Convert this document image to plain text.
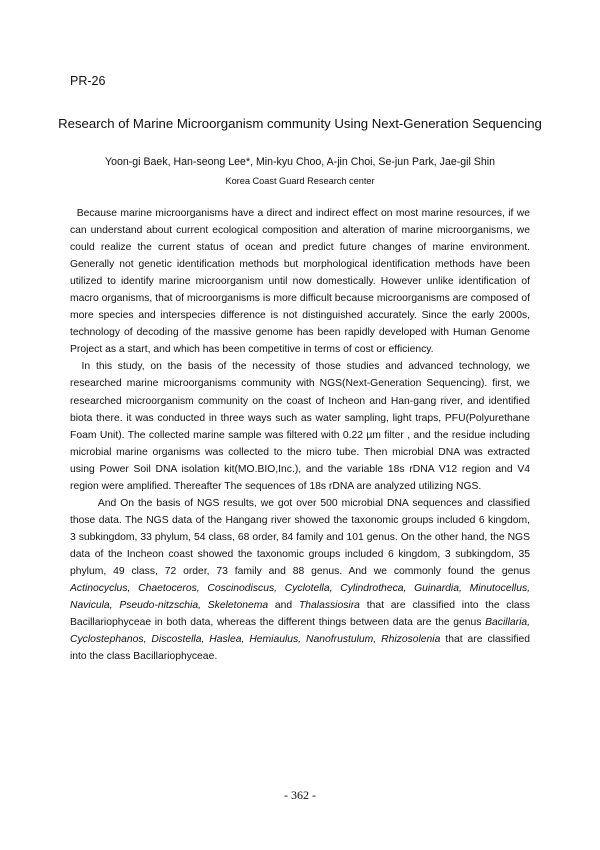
PR-26
Research of Marine Microorganism community Using Next-Generation Sequencing
Yoon-gi Baek, Han-seong Lee*, Min-kyu Choo, A-jin Choi, Se-jun Park, Jae-gil Shin
Korea Coast Guard Research center

Because marine microorganisms have a direct and indirect effect on most marine resources, if we can understand about current ecological composition and alteration of marine microorganisms, we could realize the current status of ocean and predict future changes of marine environment. Generally not genetic identification methods but morphological identification methods have been utilized to identify marine microorganism until now domestically. However unlike identification of macro organisms, that of microorganisms is more difficult because microorganisms are composed of more species and interspecies difference is not distinguished accurately. Since the early 2000s, technology of decoding of the massive genome has been rapidly developed with Human Genome Project as a start, and which has been competitive in terms of cost or efficiency.

In this study, on the basis of the necessity of those studies and advanced technology, we researched marine microorganisms community with NGS(Next-Generation Sequencing). first, we researched microorganism community on the coast of Incheon and Han-gang river, and identified biota there. it was conducted in three ways such as water sampling, light traps, PFU(Polyurethane Foam Unit). The collected marine sample was filtered with 0.22 µm filter , and the residue including microbial marine organisms was collected to the micro tube. Then microbial DNA was extracted using Power Soil DNA isolation kit(MO.BIO,Inc.), and the variable 18s rDNA V12 region and V4 region were amplified. Thereafter The sequences of 18s rDNA are analyzed utilizing NGS.

And On the basis of NGS results, we got over 500 microbial DNA sequences and classified those data. The NGS data of the Hangang river showed the taxonomic groups included 6 kingdom, 3 subkingdom, 33 phylum, 54 class, 68 order, 84 family and 101 genus. On the other hand, the NGS data of the Incheon coast showed the taxonomic groups included 6 kingdom, 3 subkingdom, 35 phylum, 49 class, 72 order, 73 family and 88 genus. And we commonly found the genus Actinocyclus, Chaetoceros, Coscinodiscus, Cyclotella, Cylindrotheca, Guinardia, Minutocellus, Navicula, Pseudo-nitzschia, Skeletonema and Thalassiosira that are classified into the class Bacillariophyceae in both data, whereas the different things between data are the genus Bacillaria, Cyclostephanos, Discostella, Haslea, Hemiaulus, Nanofrustulum, Rhizosolenia that are classified into the class Bacillariophyceae.

- 362 -
